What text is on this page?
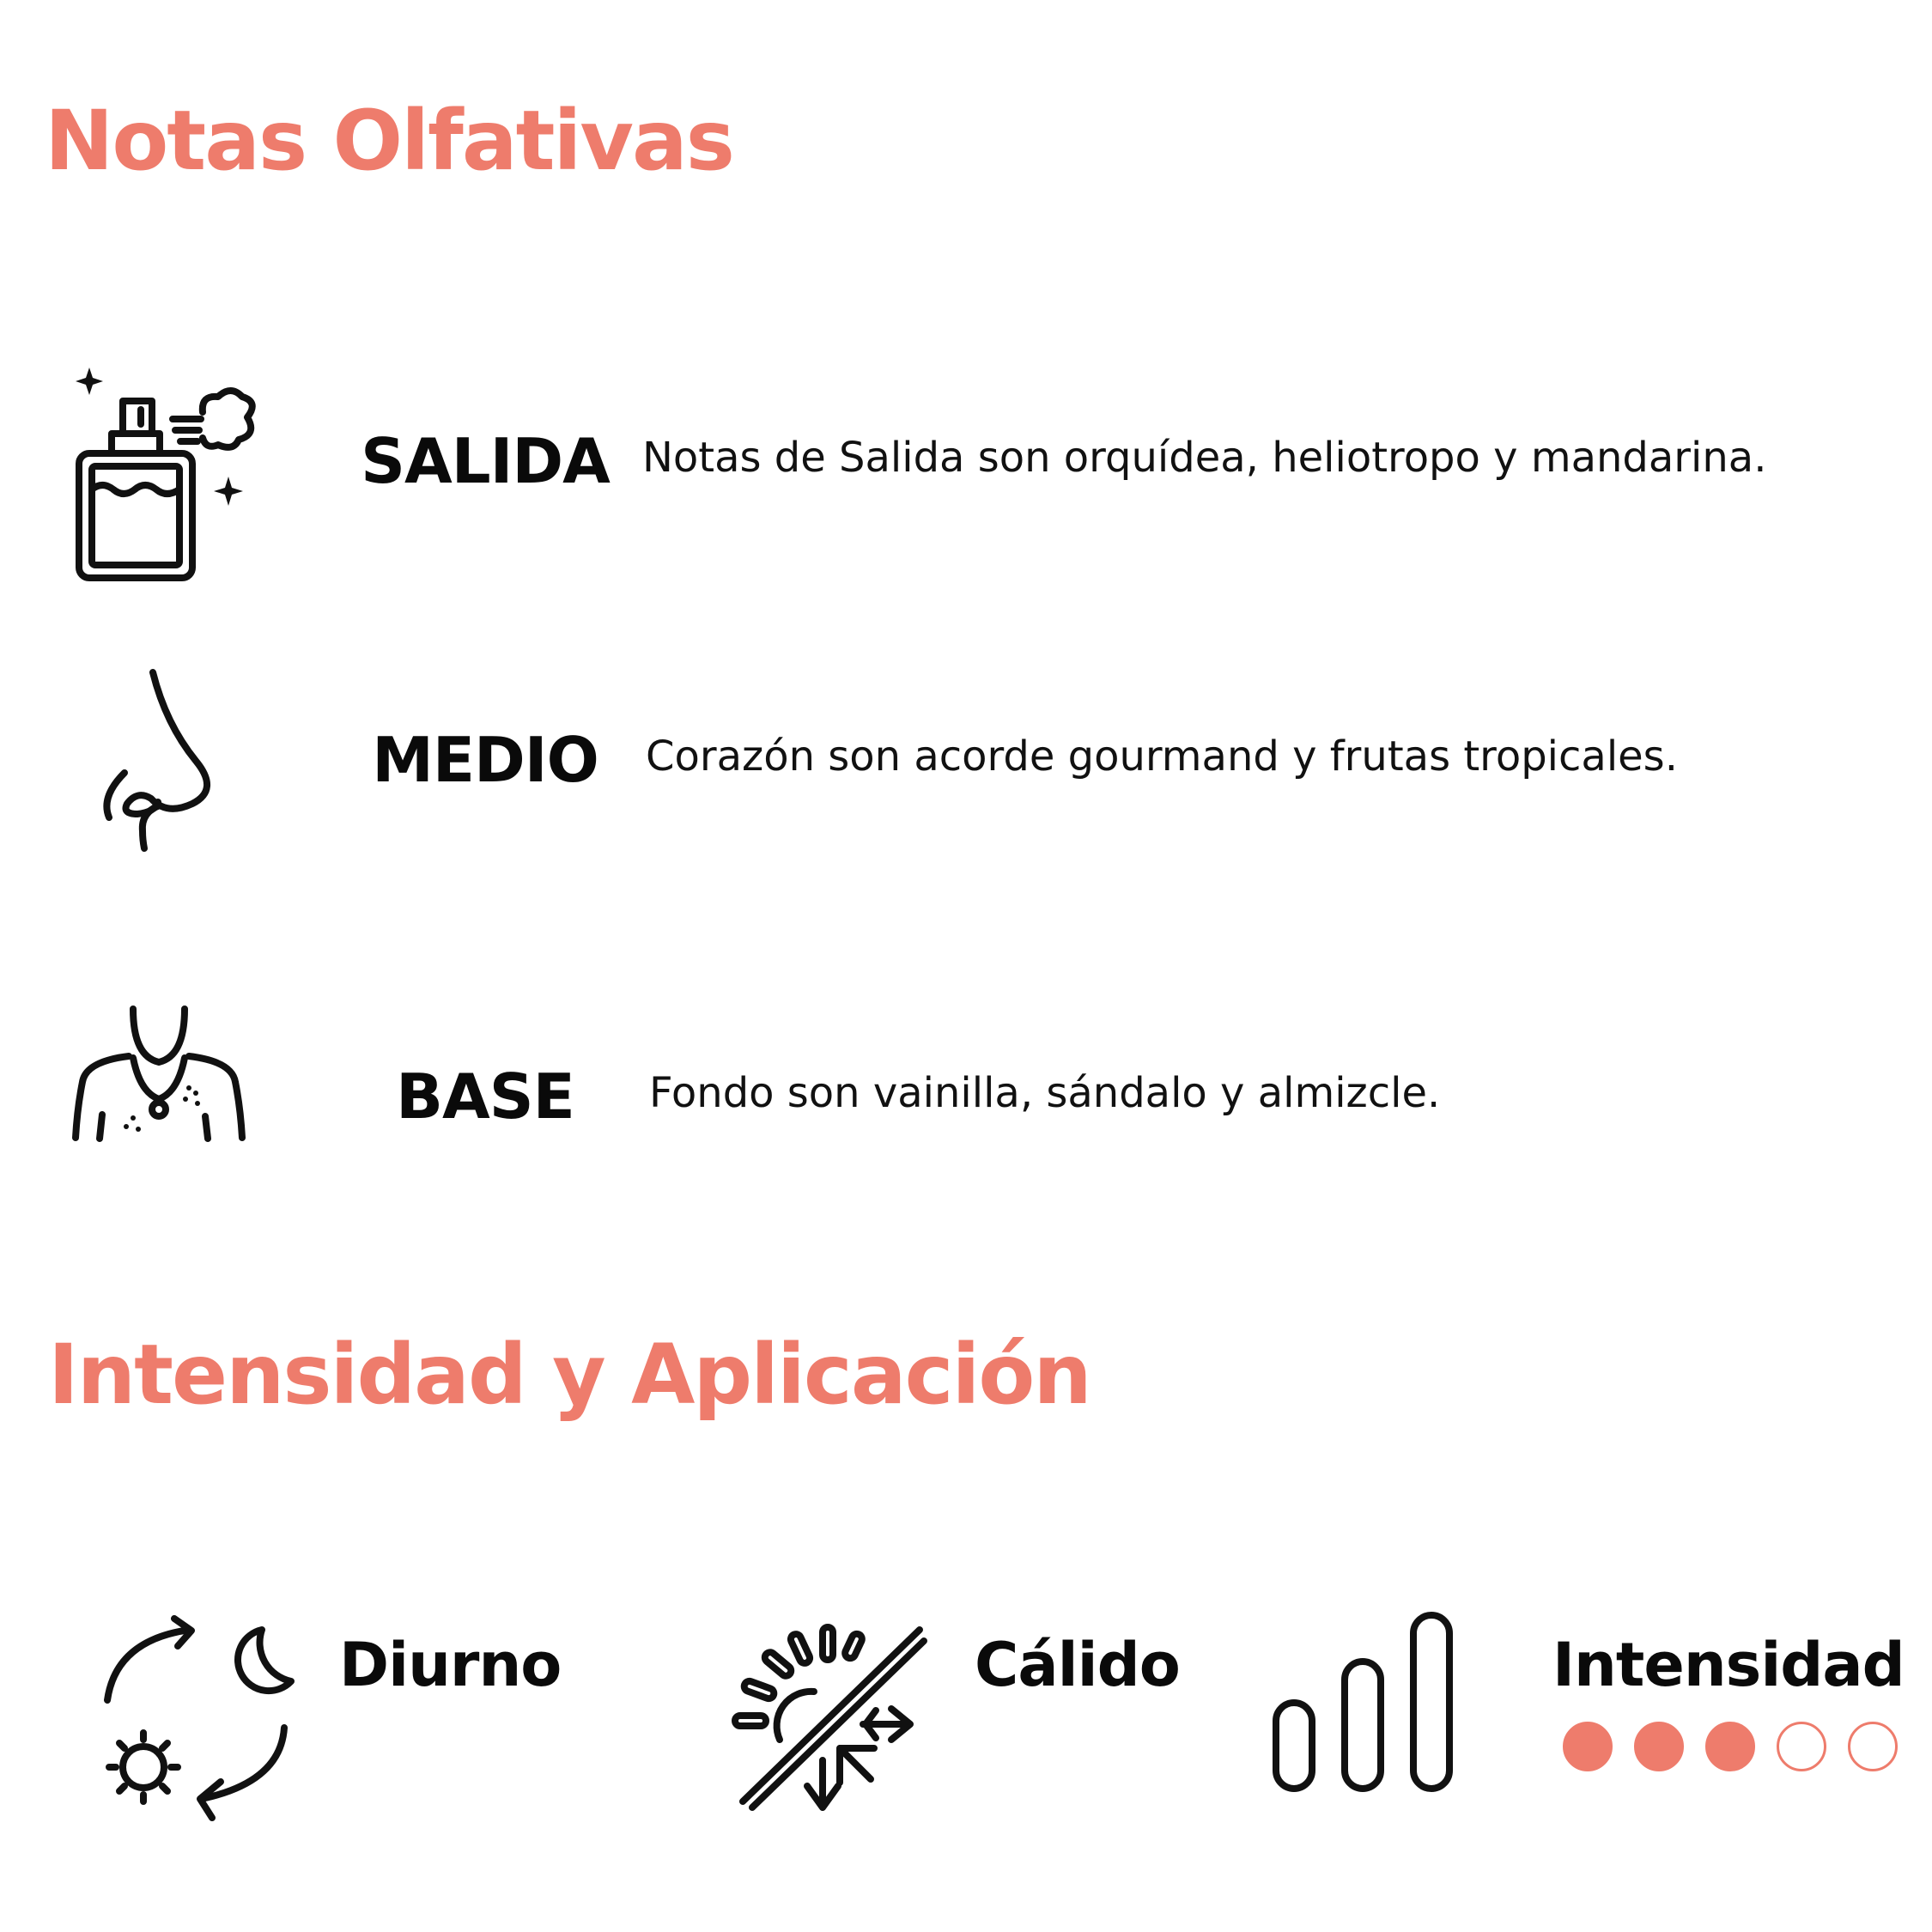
Notas Olfativas
SALIDA Notas de Salida son orquídea, heliotropo y mandarina.

MEDIO	Corazón son acorde gourmand y frutas tropicales.

BASE	Fondo son vainilla, sándalo y almizcle.

Intensidad y Aplicación
Diurno	Cálido	Intensidad
